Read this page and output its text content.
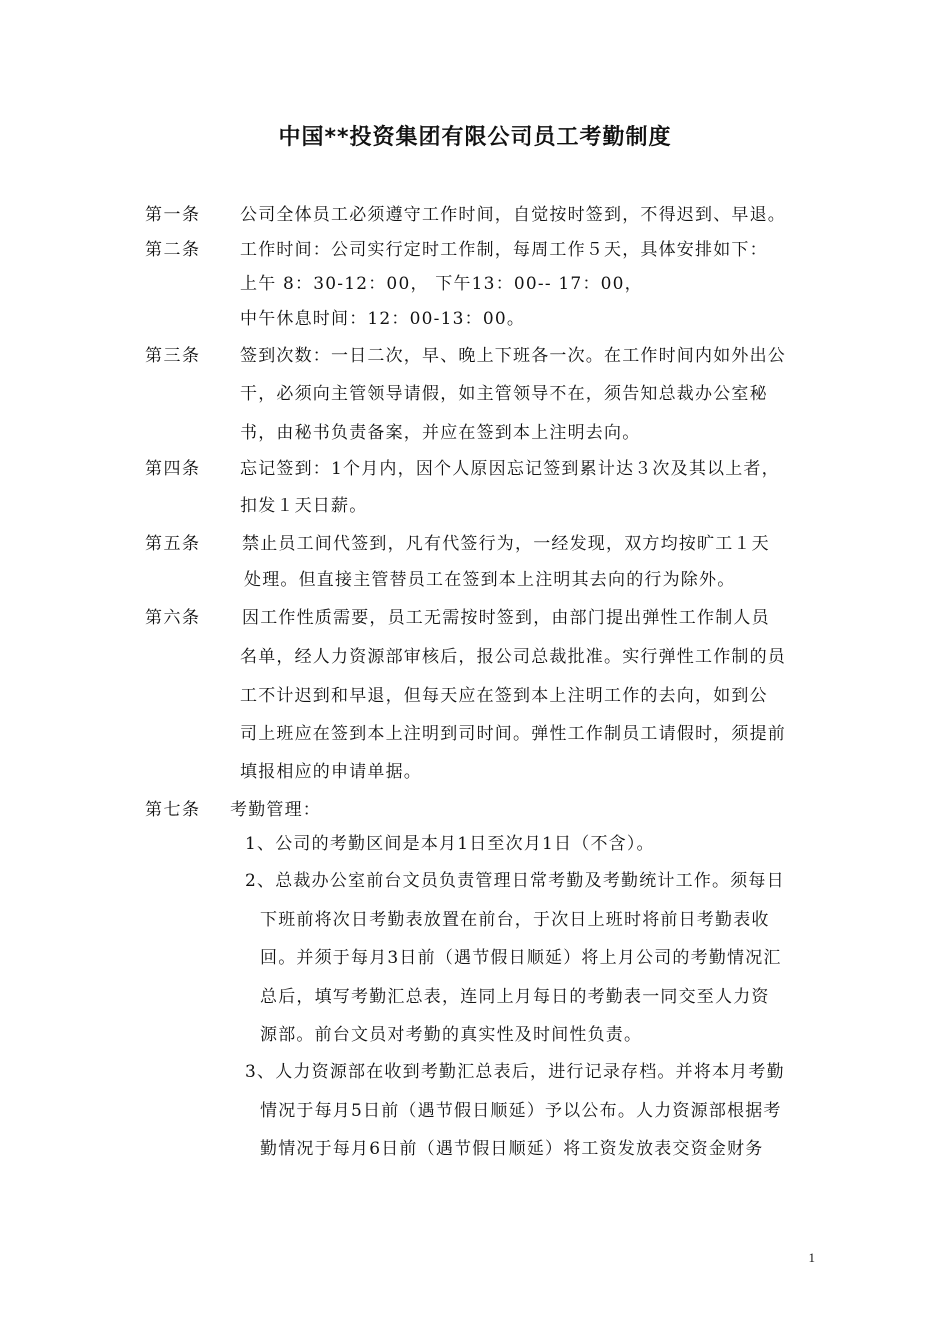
中国**投资集团有限公司员工考勤制度
第一条 公司全体员工必须遵守工作时间，自觉按时签到，不得迟到、早退。
第二条 工作时间：公司实行定时工作制，每周工作５天，具体安排如下：
上午 8：30-12：00， 下午13：00-- 17：00，
中午休息时间：12：00-13：00。
第三条 签到次数：一日二次，早、晚上下班各一次。在工作时间内如外出公
干，必须向主管领导请假，如主管领导不在，须告知总裁办公室秘
书，由秘书负责备案，并应在签到本上注明去向。
第四条 忘记签到：1个月内，因个人原因忘记签到累计达３次及其以上者，
扣发１天日薪。
第五条 禁止员工间代签到，凡有代签行为，一经发现，双方均按旷工１天
处理。但直接主管替员工在签到本上注明其去向的行为除外。
第六条 因工作性质需要，员工无需按时签到，由部门提出弹性工作制人员
名单，经人力资源部审核后，报公司总裁批准。实行弹性工作制的员
工不计迟到和早退，但每天应在签到本上注明工作的去向，如到公
司上班应在签到本上注明到司时间。弹性工作制员工请假时，须提前
填报相应的申请单据。
第七条 考勤管理：
1、公司的考勤区间是本月1日至次月1日（不含）。
2、总裁办公室前台文员负责管理日常考勤及考勤统计工作。须每日
下班前将次日考勤表放置在前台，于次日上班时将前日考勤表收
回。并须于每月3日前（遇节假日顺延）将上月公司的考勤情况汇
总后，填写考勤汇总表，连同上月每日的考勤表一同交至人力资
源部。前台文员对考勤的真实性及时间性负责。
3、人力资源部在收到考勤汇总表后，进行记录存档。并将本月考勤
情况于每月5日前（遇节假日顺延）予以公布。人力资源部根据考
勤情况于每月6日前（遇节假日顺延）将工资发放表交资金财务
1
